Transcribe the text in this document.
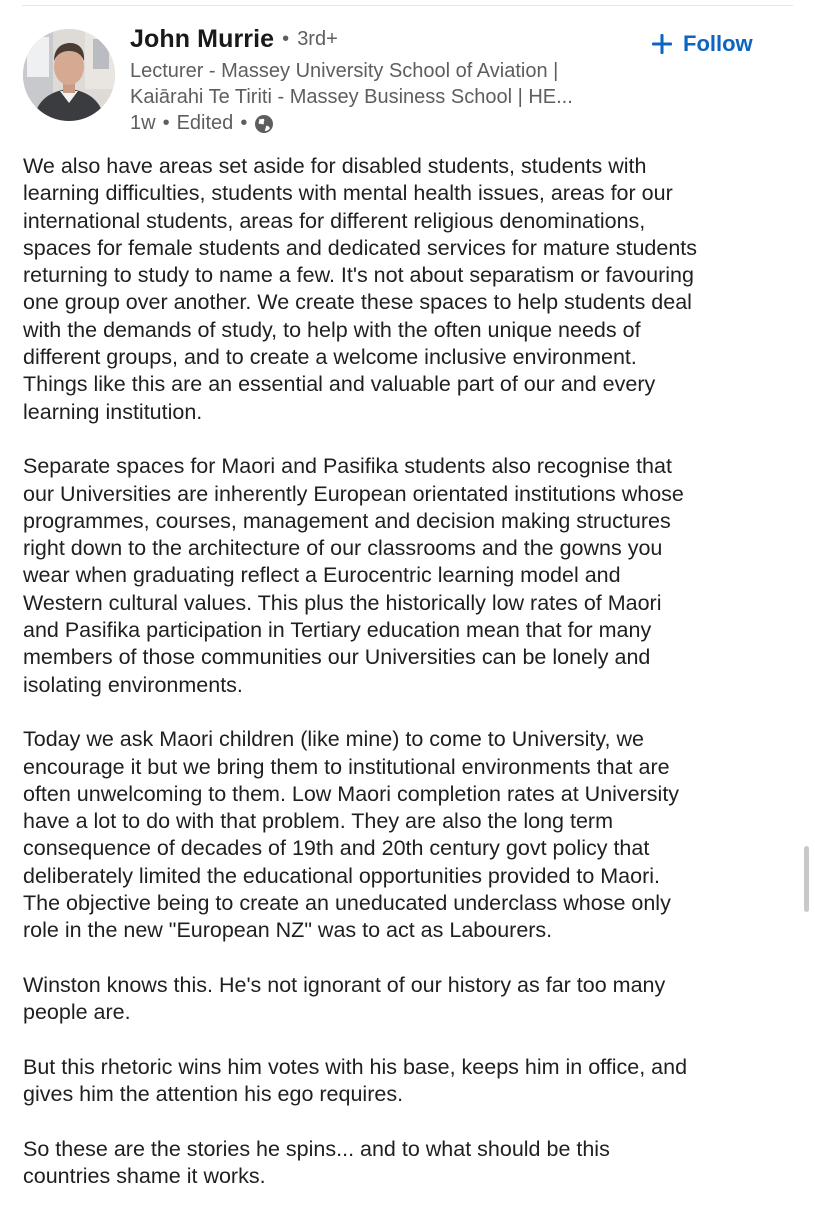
John Murrie • 3rd+
Lecturer - Massey University School of Aviation |
Kaiārahi Te Tiriti - Massey Business School | HE...
1w • Edited •
Follow
We also have areas set aside for disabled students, students with
learning difficulties, students with mental health issues, areas for our
international students, areas for different religious denominations,
spaces for female students and dedicated services for mature students
returning to study to name a few. It's not about separatism or favouring
one group over another. We create these spaces to help students deal
with the demands of study, to help with the often unique needs of
different groups, and to create a welcome inclusive environment.
Things like this are an essential and valuable part of our and every
learning institution.
Separate spaces for Maori and Pasifika students also recognise that
our Universities are inherently European orientated institutions whose
programmes, courses, management and decision making structures
right down to the architecture of our classrooms and the gowns you
wear when graduating reflect a Eurocentric learning model and
Western cultural values. This plus the historically low rates of Maori
and Pasifika participation in Tertiary education mean that for many
members of those communities our Universities can be lonely and
isolating environments.
Today we ask Maori children (like mine) to come to University, we
encourage it but we bring them to institutional environments that are
often unwelcoming to them. Low Maori completion rates at University
have a lot to do with that problem. They are also the long term
consequence of decades of 19th and 20th century govt policy that
deliberately limited the educational opportunities provided to Maori.
The objective being to create an uneducated underclass whose only
role in the new "European NZ" was to act as Labourers.
Winston knows this. He's not ignorant of our history as far too many
people are.
But this rhetoric wins him votes with his base, keeps him in office, and
gives him the attention his ego requires.
So these are the stories he spins... and to what should be this
countries shame it works.
